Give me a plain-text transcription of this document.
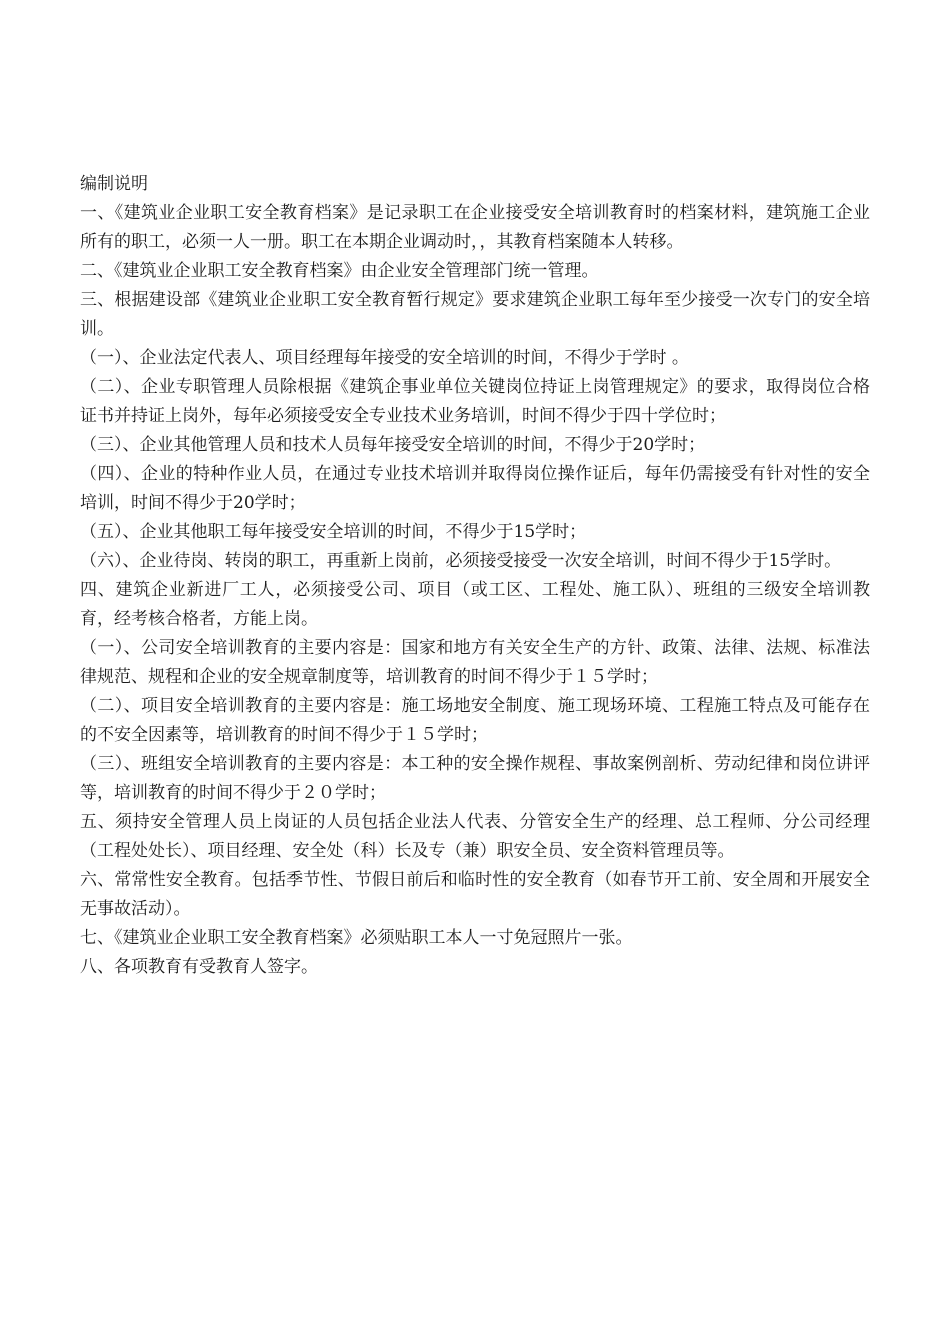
编制说明

一、《建筑业企业职工安全教育档案》是记录职工在企业接受安全培训教育时的档案材料，建筑施工企业所有的职工，必须一人一册。职工在本期企业调动时，，其教育档案随本人转移。

二、《建筑业企业职工安全教育档案》由企业安全管理部门统一管理。

三、根据建设部《建筑业企业职工安全教育暂行规定》要求建筑企业职工每年至少接受一次专门的安全培训。

（一）、企业法定代表人、项目经理每年接受的安全培训的时间，不得少于学时 。

（二）、企业专职管理人员除根据《建筑企事业单位关键岗位持证上岗管理规定》的要求，取得岗位合格证书并持证上岗外，每年必须接受安全专业技术业务培训，时间不得少于四十学位时；

（三）、企业其他管理人员和技术人员每年接受安全培训的时间，不得少于20学时；

（四）、企业的特种作业人员，在通过专业技术培训并取得岗位操作证后，每年仍需接受有针对性的安全培训，时间不得少于20学时；

（五）、企业其他职工每年接受安全培训的时间，不得少于15学时；

（六）、企业待岗、转岗的职工，再重新上岗前，必须接受接受一次安全培训，时间不得少于15学时。

四、建筑企业新进厂工人，必须接受公司、项目（或工区、工程处、施工队）、班组的三级安全培训教育，经考核合格者，方能上岗。

（一）、公司安全培训教育的主要内容是：国家和地方有关安全生产的方针、政策、法律、法规、标准法律规范、规程和企业的安全规章制度等，培训教育的时间不得少于１５学时；

（二）、项目安全培训教育的主要内容是：施工场地安全制度、施工现场环境、工程施工特点及可能存在的不安全因素等，培训教育的时间不得少于１５学时；

（三）、班组安全培训教育的主要内容是：本工种的安全操作规程、事故案例剖析、劳动纪律和岗位讲评等，培训教育的时间不得少于２０学时；

五、须持安全管理人员上岗证的人员包括企业法人代表、分管安全生产的经理、总工程师、分公司经理（工程处处长）、项目经理、安全处（科）长及专（兼）职安全员、安全资料管理员等。

六、常常性安全教育。包括季节性、节假日前后和临时性的安全教育（如春节开工前、安全周和开展安全无事故活动）。

七、《建筑业企业职工安全教育档案》必须贴职工本人一寸免冠照片一张。

八、各项教育有受教育人签字。
